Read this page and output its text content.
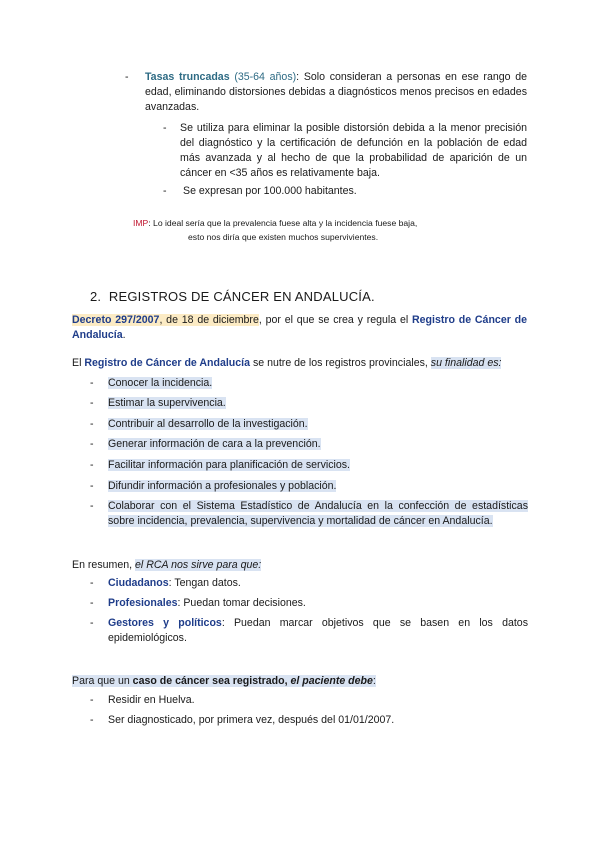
- Tasas truncadas (35-64 años): Solo consideran a personas en ese rango de edad, eliminando distorsiones debidas a diagnósticos menos precisos en edades avanzadas.
- Se utiliza para eliminar la posible distorsión debida a la menor precisión del diagnóstico y la certificación de defunción en la población de edad más avanzada y al hecho de que la probabilidad de aparición de un cáncer en <35 años es relativamente baja.
- Se expresan por 100.000 habitantes.
IMP: Lo ideal sería que la prevalencia fuese alta y la incidencia fuese baja,
esto nos diría que existen muchos supervivientes.
2. REGISTROS DE CÁNCER EN ANDALUCÍA.
Decreto 297/2007, de 18 de diciembre, por el que se crea y regula el Registro de Cáncer de Andalucía.
El Registro de Cáncer de Andalucía se nutre de los registros provinciales, su finalidad es:
- Conocer la incidencia.
- Estimar la supervivencia.
- Contribuir al desarrollo de la investigación.
- Generar información de cara a la prevención.
- Facilitar información para planificación de servicios.
- Difundir información a profesionales y población.
- Colaborar con el Sistema Estadístico de Andalucía en la confección de estadísticas sobre incidencia, prevalencia, supervivencia y mortalidad de cáncer en Andalucía.
En resumen, el RCA nos sirve para que:
- Ciudadanos: Tengan datos.
- Profesionales: Puedan tomar decisiones.
- Gestores y políticos: Puedan marcar objetivos que se basen en los datos epidemiológicos.
Para que un caso de cáncer sea registrado, el paciente debe:
- Residir en Huelva.
- Ser diagnosticado, por primera vez, después del 01/01/2007.
